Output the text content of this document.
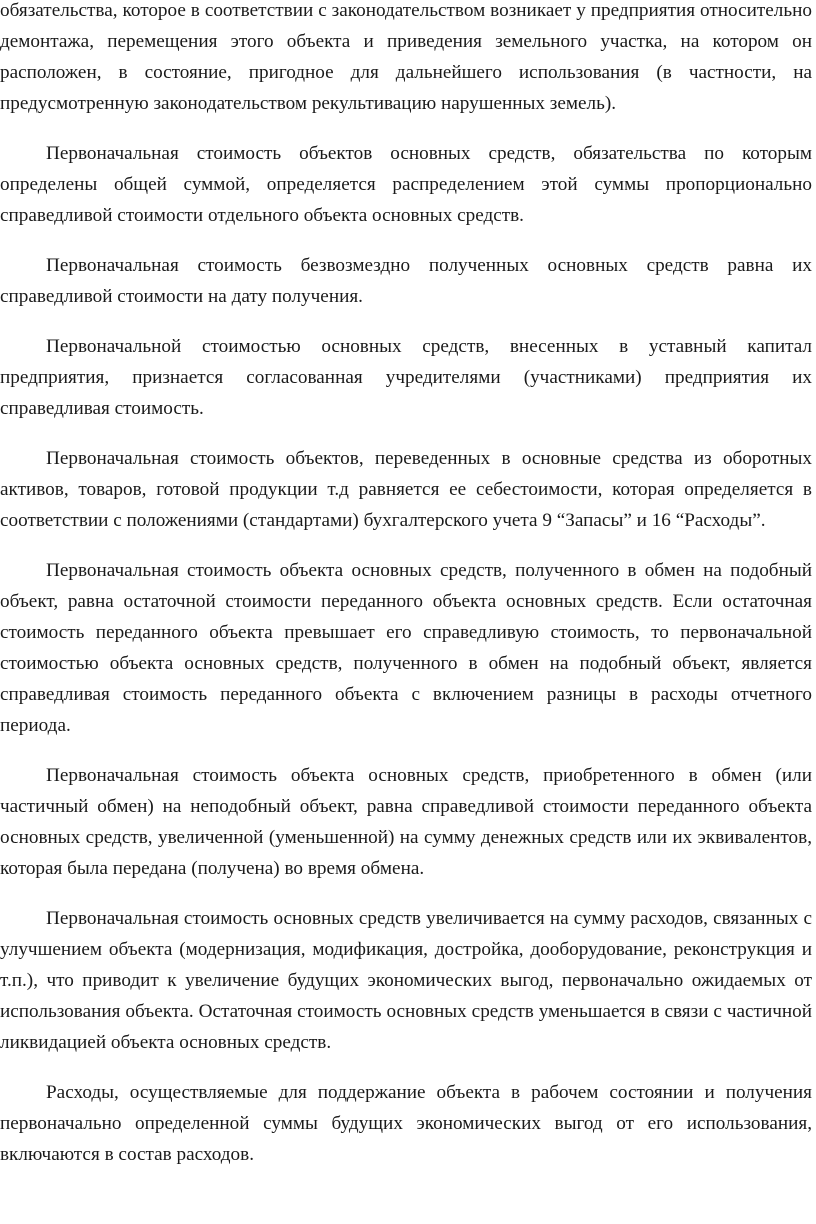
обязательства, которое в соответствии с законодательством возникает у предприятия относительно демонтажа, перемещения этого объекта и приведения земельного участка, на котором он расположен, в состояние, пригодное для дальнейшего использования (в частности, на предусмотренную законодательством рекультивацию нарушенных земель).

Первоначальная стоимость объектов основных средств, обязательства по которым определены общей суммой, определяется распределением этой суммы пропорционально справедливой стоимости отдельного объекта основных средств.

Первоначальная стоимость безвозмездно полученных основных средств равна их справедливой стоимости на дату получения.

Первоначальной стоимостью основных средств, внесенных в уставный капитал предприятия, признается согласованная учредителями (участниками) предприятия их справедливая стоимость.

Первоначальная стоимость объектов, переведенных в основные средства из оборотных активов, товаров, готовой продукции т.д равняется ее себестоимости, которая определяется в соответствии с положениями (стандартами) бухгалтерского учета 9 “Запасы” и 16 “Расходы”.

Первоначальная стоимость объекта основных средств, полученного в обмен на подобный объект, равна остаточной стоимости переданного объекта основных средств. Если остаточная стоимость переданного объекта превышает его справедливую стоимость, то первоначальной стоимостью объекта основных средств, полученного в обмен на подобный объект, является справедливая стоимость переданного объекта с включением разницы в расходы отчетного периода.

Первоначальная стоимость объекта основных средств, приобретенного в обмен (или частичный обмен) на неподобный объект, равна справедливой стоимости переданного объекта основных средств, увеличенной (уменьшенной) на сумму денежных средств или их эквивалентов, которая была передана (получена) во время обмена.

Первоначальная стоимость основных средств увеличивается на сумму расходов, связанных с улучшением объекта (модернизация, модификация, достройка, дооборудование, реконструкция и т.п.), что приводит к увеличение будущих экономических выгод, первоначально ожидаемых от использования объекта. Остаточная стоимость основных средств уменьшается в связи с частичной ликвидацией объекта основных средств.

Расходы, осуществляемые для поддержание объекта в рабочем состоянии и получения первоначально определенной суммы будущих экономических выгод от его использования, включаются в состав расходов.
